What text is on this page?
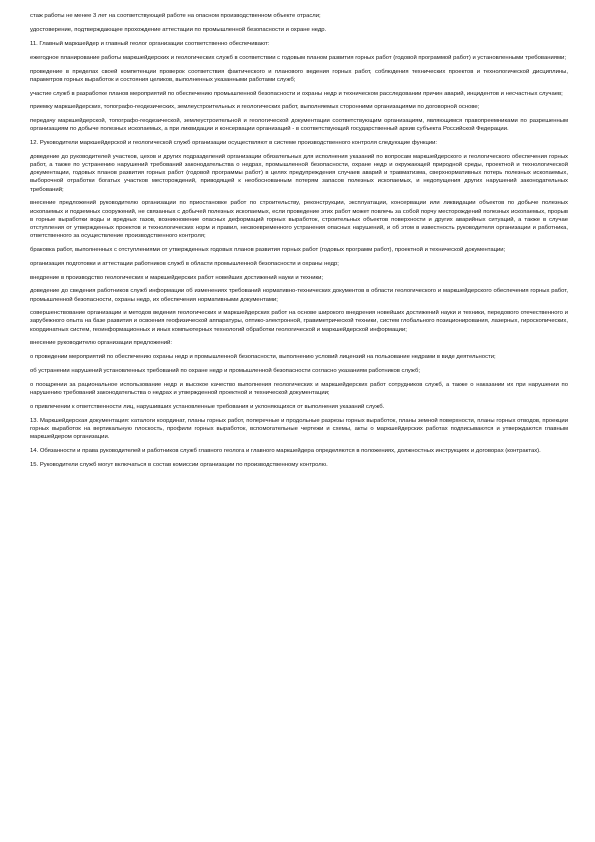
стаж работы не менее 3 лет на соответствующей работе на опасном производственном объекте отрасли;

удостоверение, подтверждающее прохождение аттестации по промышленной безопасности и охране недр.

11. Главный маркшейдер и главный геолог организации соответственно обеспечивают:

ежегодное планирование работы маркшейдерских и геологических служб в соответствии с годовым планом развития горных работ (годовой программой работ) и установленными требованиями;

проведение в пределах своей компетенции проверок соответствия фактического и планового ведения горных работ, соблюдения технических проектов и технологической дисциплины, параметров горных выработок и состояния целиков, выполненных указанными работами служб;

участие служб в разработке планов мероприятий по обеспечению промышленной безопасности и охраны недр и техническом расследовании причин аварий, инцидентов и несчастных случаев;

приемку маркшейдерских, топографо-геодезических, землеустроительных и геологических работ, выполняемых сторонними организациями по договорной основе;

передачу маркшейдерской, топографо-геодезической, землеустроительной и геологической документации соответствующим организациям, являющимся правопреемниками по разрешенным организациям по добыче полезных ископаемых, а при ликвидации и консервации организаций - в соответствующий государственный архив субъекта Российской Федерации.

12. Руководители маркшейдерской и геологической служб организации осуществляют в системе производственного контроля следующие функции:

доведение до руководителей участков, цехов и других подразделений организации обязательных для исполнения указаний по вопросам маркшейдерского и геологического обеспечения горных работ, а также по устранению нарушений требований законодательства о недрах, промышленной безопасности, охране недр и окружающей природной среды, проектной и технологической документации, годовых планов развития горных работ (годовой программы работ) в целях предупреждения случаев аварий и травматизма, сверхнормативных потерь полезных ископаемых, выборочной отработки богатых участков месторождений, приводящей к необоснованным потерям запасов полезных ископаемых, и недопущения других нарушений законодательных требований;

внесение предложений руководителю организации по приостановке работ по строительству, реконструкции, эксплуатации, консервации или ликвидации объектов по добыче полезных ископаемых и подземных сооружений, не связанных с добычей полезных ископаемых, если проведение этих работ может повлечь за собой порчу месторождений полезных ископаемых, прорыв в горные выработки воды и вредных газов, возникновение опасных деформаций горных выработок, строительных объектов поверхности и других аварийных ситуаций, а также в случае отступления от утвержденных проектов и технологических норм и правил, несвоевременного устранения опасных нарушений, и об этом в известность руководителя организации и работника, ответственного за осуществление производственного контроля;

браковка работ, выполненных с отступлениями от утвержденных годовых планов развития горных работ (годовых программ работ), проектной и технической документации;

организация подготовки и аттестации работников служб в области промышленной безопасности и охраны недр;

внедрение в производство геологических и маркшейдерских работ новейших достижений науки и техники;

доведение до сведения работников служб информации об изменениях требований нормативно-технических документов в области геологического и маркшейдерского обеспечения горных работ, промышленной безопасности, охраны недр, их обеспечения нормативными документами;

совершенствование организации и методов ведения геологических и маркшейдерских работ на основе широкого внедрения новейших достижений науки и техники, передового отечественного и зарубежного опыта на базе развития и освоения геофизической аппаратуры, оптико-электронной, гравиметрической техники, систем глобального позиционирования, лазерных, гироскопических, координатных систем, геоинформационных и иных компьютерных технологий обработки геологической и маркшейдерской информации;

внесение руководителю организации предложений:

о проведении мероприятий по обеспечению охраны недр и промышленной безопасности, выполнению условий лицензий на пользование недрами в виде деятельности;

об устранении нарушений установленных требований по охране недр и промышленной безопасности согласно указаниям работников служб;

о поощрении за рациональное использование недр и высокое качество выполнения геологических и маркшейдерских работ сотрудников служб, а также о наказании их при нарушении по нарушению требований законодательства о недрах и утвержденной проектной и технической документации;

о привлечении к ответственности лиц, нарушивших установленные требования и уклоняющихся от выполнения указаний служб.

13. Маркшейдерская документация: каталоги координат, планы горных работ, поперечные и продольные разрезы горных выработок, планы земной поверхности, планы горных отводов, проекции горных выработок на вертикальную плоскость, профили горных выработок, вспомогательные чертежи и схемы, акты о маркшейдерских работах подписываются и утверждаются главным маркшейдером организации.

14. Обязанности и права руководителей и работников служб главного геолога и главного маркшейдера определяются в положениях, должностных инструкциях и договорах (контрактах).

15. Руководители служб могут включаться в состав комиссии организации по производственному контролю.
